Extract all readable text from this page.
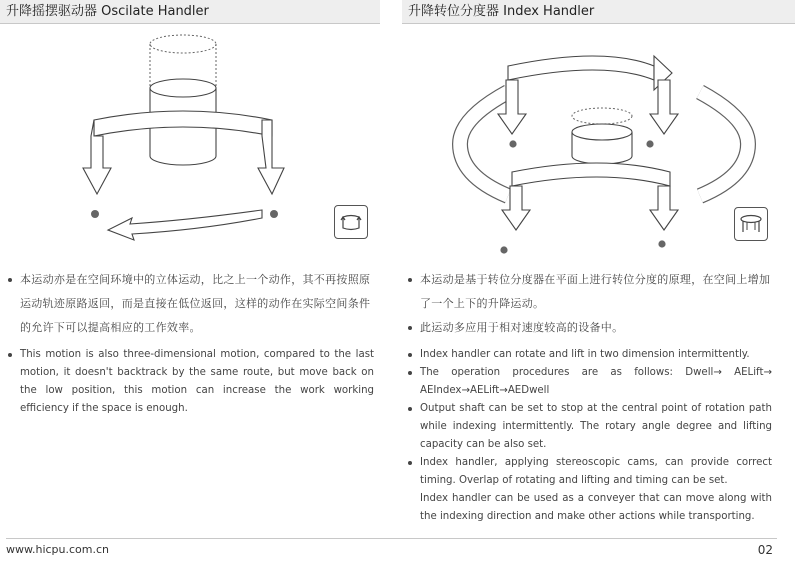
升降摇摆驱动器 Oscilate Handler	升降转位分度器 Index Handler

本运动亦是在空间环境中的立体运动，比之上一个动作，其不再按照原运动轨迹原路返回，而是直接在低位返回，这样的动作在实际空间条件的允许下可以提高相应的工作效率。

This motion is also three-dimensional motion, compared to the last motion, it doesn't backtrack by the same route, but move back on the low position, this motion can increase the work working efficiency if the space is enough.

本运动是基于转位分度器在平面上进行转位分度的原理，在空间上增加了一个上下的升降运动。

此运动多应用于相对速度较高的设备中。

Index handler can rotate and lift in two dimension intermittently.

The operation procedures are as follows: Dwell→ AELift→ AEIndex→AELift→AEDwell

Output shaft can be set to stop at the central point of rotation path while indexing intermittently. The rotary angle degree and lifting capacity can be also set.

Index handler, applying stereoscopic cams, can provide correct timing. Overlap of rotating and lifting and timing can be set.

Index handler can be used as a conveyer that can move along with the indexing direction and make other actions while transporting.

www.hicpu.com.cn	02
